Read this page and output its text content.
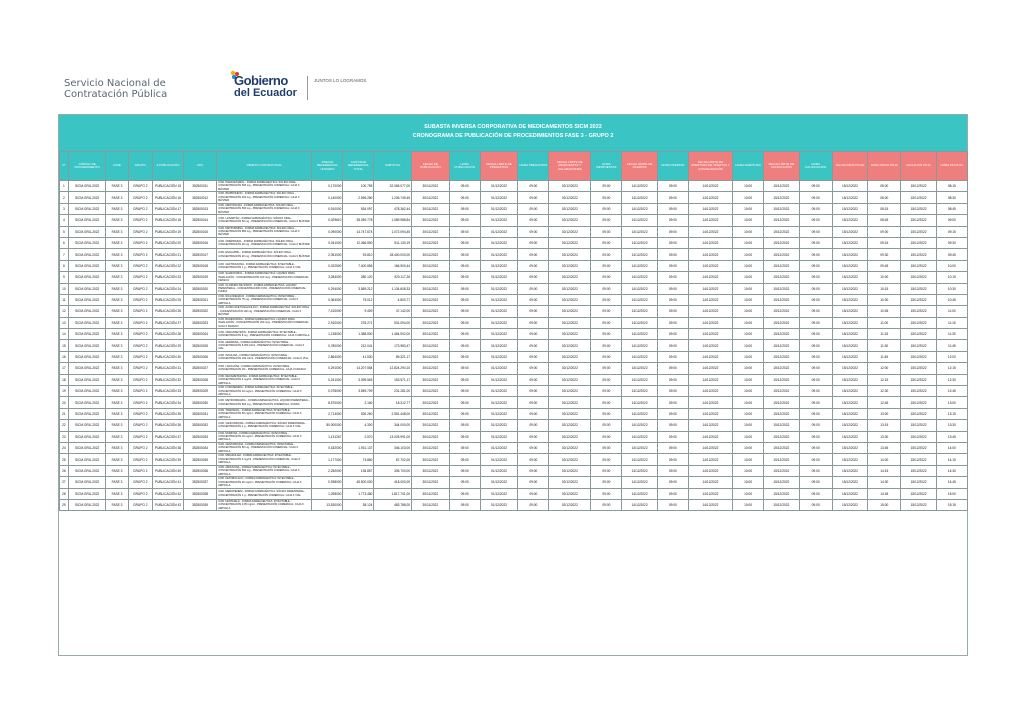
Servicio Nacional de
Contratación Pública
Gobierno
del Ecuador
JUNTOS LO LOGRAMOS
SUBASTA INVERSA CORPORATIVA DE MEDICAMENTOS SICM 2022
CRONOGRAMA DE PUBLICACIÓN DE PROCEDIMIENTOS FASE 3 - GRUPO 2
N°	CÓDIGO DE PROCEDIMIENTO	FASE	GRUPO	# PUBLICACIÓN	CPC	OBJETO CONTRACTUAL	PRECIO REFERENCIAL UNITARIO	CANTIDAD REFERENCIAL TOTAL	SUBTOTAL	FECHA DE PUBLICACIÓN	HORA PUBLICACIÓN	FECHA LÍMITE DE PREGUNTAS	HORA PREGUNTAS	FECHA LÍMITE DE RESPUESTAS Y ACLARACIONES	HORA RESPUESTAS	FECHA LÍMITE DE OFERTAS	HORA OFERTAS	FECHA LÍMITE DE APERTURA DE OFERTAS Y CONVALIDACIÓN	HORA APERTURA	FECHA LÍMITE DE CALIFICACIÓN	HORA CALIFICACIÓN	FECHA INICIO PUJA	HORA INICIO PUJA	FECHA FIN PUJA	HORA FIN PUJA
1	SICM-GRU-2022	FASE 3	GRUPO 2	PUBLICACIÓN 15	352500011	COD. PARACETAMOL - FORMA FARMACÉUTICA: SÓLIDO ORAL - CONCENTRACIÓN 500 mg - PRESENTACIÓN COMERCIAL: CAJA X BLÍSTER	0,170000	100.755	32.065.077,00	30/11/2022	09:00	01/12/2022	09:00	02/12/2022	09:00	14/12/2022	09:00	14/12/2022	10:00	15/12/2022	09:00	15/12/2022	08:00	15/12/2022	08:15
2	SICM-GRU-2022	FASE 3	GRUPO 2	PUBLICACIÓN 16	352500012	COD. IBUPROFENO - FORMA FARMACÉUTICA: SÓLIDO ORAL - CONCENTRACIÓN 400 mg - PRESENTACIÓN COMERCIAL: CAJA X BLÍSTER	0,140000	2.595.280	1.246.745,45	30/11/2022	09:00	01/12/2022	09:00	02/12/2022	09:00	14/12/2022	09:00	14/12/2022	10:00	15/12/2022	09:00	15/12/2022	08:00	15/12/2022	08:30
3	SICM-GRU-2022	FASE 3	GRUPO 2	PUBLICACIÓN 17	352500013	COD. AMOXICILINA - FORMA FARMACÉUTICA: SÓLIDO ORAL - CONCENTRACIÓN 500 mg - PRESENTACIÓN COMERCIAL: CAJA X BLÍSTER	0,910000	534.097	478.362,44	30/11/2022	09:00	01/12/2022	09:00	02/12/2022	09:00	14/12/2022	09:00	14/12/2022	10:00	15/12/2022	09:00	15/12/2022	08:15	15/12/2022	08:45
4	SICM-GRU-2022	FASE 3	GRUPO 2	PUBLICACIÓN 18	352500014	COD. LOSARTÁN - FORMA FARMACÉUTICA: SÓLIDO ORAL - CONCENTRACIÓN 50 mg - PRESENTACIÓN COMERCIAL: CAJA X BLÍSTER	0,029610	38.059.778	1.089.988,84	30/11/2022	09:00	01/12/2022	09:00	02/12/2022	09:00	14/12/2022	09:00	14/12/2022	10:00	15/12/2022	09:00	15/12/2022	08:45	15/12/2022	09:00
5	SICM-GRU-2022	FASE 3	GRUPO 2	PUBLICACIÓN 19	352500015	COD. METFORMINA - FORMA FARMACÉUTICA: SÓLIDO ORAL - CONCENTRACIÓN 850 mg - PRESENTACIÓN COMERCIAL: CAJA X BLÍSTER	0,090000	14.747.674	1.072.094,45	30/11/2022	09:00	01/12/2022	09:00	02/12/2022	09:00	14/12/2022	09:00	14/12/2022	10:00	15/12/2022	09:00	15/12/2022	09:00	15/12/2022	09:15
6	SICM-GRU-2022	FASE 3	GRUPO 2	PUBLICACIÓN 20	352500016	COD. OMEPRAZOL - FORMA FARMACÉUTICA: SÓLIDO ORAL - CONCENTRACIÓN 20 mg - PRESENTACIÓN COMERCIAL: CAJA X BLÍSTER	0,041000	12.466.590	511.130,19	30/11/2022	09:00	01/12/2022	09:00	02/12/2022	09:00	14/12/2022	09:00	14/12/2022	10:00	15/12/2022	09:00	15/12/2022	09:15	15/12/2022	09:30
7	SICM-GRU-2022	FASE 3	GRUPO 2	PUBLICACIÓN 21	352500017	COD. ENALAPRIL - FORMA FARMACÉUTICA: SÓLIDO ORAL - CONCENTRACIÓN 20 mg - PRESENTACIÓN COMERCIAL: CAJA X BLÍSTER	2,051000	93.810	28.400.000,00	30/11/2022	09:00	01/12/2022	09:00	02/12/2022	09:00	14/12/2022	09:00	14/12/2022	10:00	15/12/2022	09:00	15/12/2022	09:30	15/12/2022	09:45
8	SICM-GRU-2022	FASE 3	GRUPO 2	PUBLICACIÓN 22	352500018	COD. CEFTRIAXONA - FORMA FARMACÉUTICA: INYECTABLE - CONCENTRACIÓN 1 g - PRESENTACIÓN COMERCIAL: CAJA X VIAL	0,022500	7.400.556	166.500,44	30/11/2022	09:00	01/12/2022	09:00	02/12/2022	09:00	14/12/2022	09:00	14/12/2022	10:00	15/12/2022	09:00	15/12/2022	09:45	15/12/2022	10:00
9	SICM-GRU-2022	FASE 3	GRUPO 2	PUBLICACIÓN 23	352500019	COD. SALBUTAMOL - FORMA FARMACÉUTICA: LÍQUIDO PARA INHALACIÓN - CONCENTRACIÓN 100 mcg - PRESENTACIÓN COMERCIAL: FRASCO	3,284000	280.120	920.117,26	30/11/2022	09:00	01/12/2022	09:00	02/12/2022	09:00	14/12/2022	09:00	14/12/2022	10:00	15/12/2022	09:00	15/12/2022	10:00	15/12/2022	10:15
10	SICM-GRU-2022	FASE 3	GRUPO 2	PUBLICACIÓN 24	352500020	COD. CLORURO DE SODIO - FORMA FARMACÉUTICA: LÍQUIDO PARENTERAL - CONCENTRACIÓN 0,9% - PRESENTACIÓN COMERCIAL: FUNDA	0,294000	3.859.212	1.134.608,33	30/11/2022	09:00	01/12/2022	09:00	02/12/2022	09:00	14/12/2022	09:00	14/12/2022	10:00	15/12/2022	09:00	15/12/2022	10:15	15/12/2022	10:30
11	SICM-GRU-2022	FASE 3	GRUPO 2	PUBLICACIÓN 25	352500021	COD. DICLOFENACO - FORMA FARMACÉUTICA: INYECTABLE - CONCENTRACIÓN 75 mg - PRESENTACIÓN COMERCIAL: CAJA X AMPOLLA	0,064000	75.012	4.800,77	30/11/2022	09:00	01/12/2022	09:00	02/12/2022	09:00	14/12/2022	09:00	14/12/2022	10:00	15/12/2022	09:00	15/12/2022	10:30	15/12/2022	10:45
12	SICM-GRU-2022	FASE 3	GRUPO 2	PUBLICACIÓN 26	352500022	COD. ÁCIDO ACETILSALICÍLICO - FORMA FARMACÉUTICA: SÓLIDO ORAL - CONCENTRACIÓN 100 mg - PRESENTACIÓN COMERCIAL: CAJA X BLÍSTER	7,410000	9.409	47.142,00	30/11/2022	09:00	01/12/2022	09:00	02/12/2022	09:00	14/12/2022	09:00	14/12/2022	10:00	15/12/2022	09:00	15/12/2022	10:45	15/12/2022	11:00
13	SICM-GRU-2022	FASE 3	GRUPO 2	PUBLICACIÓN 27	352500023	COD. BUDESONIDA - FORMA FARMACÉUTICA: LÍQUIDO PARA INHALACIÓN - CONCENTRACIÓN 200 mcg - PRESENTACIÓN COMERCIAL: CAJA X FRASCO	2,910000	278.271	531.094,00	30/11/2022	09:00	01/12/2022	09:00	02/12/2022	09:00	14/12/2022	09:00	14/12/2022	10:00	15/12/2022	09:00	15/12/2022	11:00	15/12/2022	11:15
14	SICM-GRU-2022	FASE 3	GRUPO 2	PUBLICACIÓN 28	352500024	COD. ONDANSETRÓN - FORMA FARMACÉUTICA: INYECTABLE - CONCENTRACIÓN 8 mg - PRESENTACIÓN COMERCIAL: CAJA X AMPOLLA	1,138000	1.388.500	1.464.902,00	30/11/2022	09:00	01/12/2022	09:00	02/12/2022	09:00	14/12/2022	09:00	14/12/2022	10:00	15/12/2022	09:00	15/12/2022	11:15	15/12/2022	11:30
15	SICM-GRU-2022	FASE 3	GRUPO 2	PUBLICACIÓN 29	352500025	COD. HEPARINA - FORMA FARMACÉUTICA: INYECTABLE - CONCENTRACIÓN 5.000 UI/ml - PRESENTACIÓN COMERCIAL: CAJA X VIAL	0,780000	212.041	173.983,47	30/11/2022	09:00	01/12/2022	09:00	02/12/2022	09:00	14/12/2022	09:00	14/12/2022	10:00	15/12/2022	09:00	15/12/2022	11:30	15/12/2022	11:45
16	SICM-GRU-2022	FASE 3	GRUPO 2	PUBLICACIÓN 30	352500026	COD. INSULINA - FORMA FARMACÉUTICA: INYECTABLE - CONCENTRACIÓN 100 UI/ml - PRESENTACIÓN COMERCIAL: CAJA X VIAL	2,864000	41.530	89.321,17	30/11/2022	09:00	01/12/2022	09:00	02/12/2022	09:00	14/12/2022	09:00	14/12/2022	10:00	15/12/2022	09:00	15/12/2022	11:45	15/12/2022	12:00
17	SICM-GRU-2022	FASE 3	GRUPO 2	PUBLICACIÓN 31	352500027	COD. LIDOCAÍNA - FORMA FARMACÉUTICA: INYECTABLE - CONCENTRACIÓN 2% - PRESENTACIÓN COMERCIAL: CAJA X FRASCO	0,291000	14.207.554	12.824.294,10	30/11/2022	09:00	01/12/2022	09:00	02/12/2022	09:00	14/12/2022	09:00	14/12/2022	10:00	15/12/2022	09:00	15/12/2022	12:00	15/12/2022	12:15
18	SICM-GRU-2022	FASE 3	GRUPO 2	PUBLICACIÓN 32	352500028	COD. DEXAMETASONA - FORMA FARMACÉUTICA: INYECTABLE - CONCENTRACIÓN 4 mg/ml - PRESENTACIÓN COMERCIAL: CAJA X AMPOLLA	0,241000	3.095.563	153.571,17	30/11/2022	09:00	01/12/2022	09:00	02/12/2022	09:00	14/12/2022	09:00	14/12/2022	10:00	15/12/2022	09:00	15/12/2022	12:15	15/12/2022	12:30
19	SICM-GRU-2022	FASE 3	GRUPO 2	PUBLICACIÓN 33	352500029	COD. FUROSEMIDA - FORMA FARMACÉUTICA: INYECTABLE - CONCENTRACIÓN 10 mg/ml - PRESENTACIÓN COMERCIAL: CAJA X AMPOLLA	0,078000	3.559.709	231.281,00	30/11/2022	09:00	01/12/2022	09:00	02/12/2022	09:00	14/12/2022	09:00	14/12/2022	10:00	15/12/2022	09:00	15/12/2022	12:30	15/12/2022	12:45
20	SICM-GRU-2022	FASE 3	GRUPO 2	PUBLICACIÓN 34	352500030	COD. METRONIDAZOL - FORMA FARMACÉUTICA: LÍQUIDO PARENTERAL - CONCENTRACIÓN 500 mg - PRESENTACIÓN COMERCIAL: FUNDA	8,570000	2.160	18.312,77	30/11/2022	09:00	01/12/2022	09:00	02/12/2022	09:00	14/12/2022	09:00	14/12/2022	10:00	15/12/2022	09:00	15/12/2022	12:45	15/12/2022	13:00
21	SICM-GRU-2022	FASE 3	GRUPO 2	PUBLICACIÓN 35	352500031	COD. TRAMADOL - FORMA FARMACÉUTICA: INYECTABLE - CONCENTRACIÓN 50 mg/ml - PRESENTACIÓN COMERCIAL: CAJA X AMPOLLA	2,714000	926.260	2.551.448,00	30/11/2022	09:00	01/12/2022	09:00	02/12/2022	09:00	14/12/2022	09:00	14/12/2022	10:00	15/12/2022	09:00	15/12/2022	13:00	15/12/2022	13:15
22	SICM-GRU-2022	FASE 3	GRUPO 2	PUBLICACIÓN 36	352500032	COD. VANCOMICINA - FORMA FARMACÉUTICA: SÓLIDO PARENTERAL - CONCENTRACIÓN 1 g - PRESENTACIÓN COMERCIAL: CAJA X VIAL	80,000000	4.300	344.000,00	30/11/2022	09:00	01/12/2022	09:00	02/12/2022	09:00	14/12/2022	09:00	14/12/2022	10:00	15/12/2022	09:00	15/12/2022	13:15	15/12/2022	13:30
23	SICM-GRU-2022	FASE 3	GRUPO 2	PUBLICACIÓN 37	352500033	COD. MORFINA - FORMA FARMACÉUTICA: INYECTABLE - CONCENTRACIÓN 10 mg/ml - PRESENTACIÓN COMERCIAL: CAJA X AMPOLLA	1,131267	2.570	13.025.991,00	30/11/2022	09:00	01/12/2022	09:00	02/12/2022	09:00	14/12/2022	09:00	14/12/2022	10:00	15/12/2022	09:00	15/12/2022	13:30	15/12/2022	13:45
24	SICM-GRU-2022	FASE 3	GRUPO 2	PUBLICACIÓN 38	352500034	COD. GENTAMICINA - FORMA FARMACÉUTICA: INYECTABLE - CONCENTRACIÓN 80 mg - PRESENTACIÓN COMERCIAL: CAJA X AMPOLLA	0,182000	1.931.137	346.103,00	30/11/2022	09:00	01/12/2022	09:00	02/12/2022	09:00	14/12/2022	09:00	14/12/2022	10:00	15/12/2022	09:00	15/12/2022	13:45	15/12/2022	14:00
25	SICM-GRU-2022	FASE 3	GRUPO 2	PUBLICACIÓN 39	352500035	COD. MIDAZOLAM - FORMA FARMACÉUTICA: INYECTABLE - CONCENTRACIÓN 5 mg/ml - PRESENTACIÓN COMERCIAL: CAJA X AMPOLLA	1,177000	74.860	87.702,00	30/11/2022	09:00	01/12/2022	09:00	02/12/2022	09:00	14/12/2022	09:00	14/12/2022	10:00	15/12/2022	09:00	15/12/2022	14:00	15/12/2022	14:15
26	SICM-GRU-2022	FASE 3	GRUPO 2	PUBLICACIÓN 40	352500036	COD. AMIKACINA - FORMA FARMACÉUTICA: INYECTABLE - CONCENTRACIÓN 500 mg - PRESENTACIÓN COMERCIAL: CAJA X AMPOLLA	2,250000	135.857	305.700,00	30/11/2022	09:00	01/12/2022	09:00	02/12/2022	09:00	14/12/2022	09:00	14/12/2022	10:00	15/12/2022	09:00	15/12/2022	14:15	15/12/2022	14:30
27	SICM-GRU-2022	FASE 3	GRUPO 2	PUBLICACIÓN 41	352500037	COD. KETOROLACO - FORMA FARMACÉUTICA: INYECTABLE - CONCENTRACIÓN 30 mg/ml - PRESENTACIÓN COMERCIAL: CAJA X AMPOLLA	0,938000	45.500.000	418.000,00	30/11/2022	09:00	01/12/2022	09:00	02/12/2022	09:00	14/12/2022	09:00	14/12/2022	10:00	15/12/2022	09:00	15/12/2022	14:30	15/12/2022	14:45
28	SICM-GRU-2022	FASE 3	GRUPO 2	PUBLICACIÓN 42	352500038	COD. MEROPENEM - FORMA FARMACÉUTICA: SÓLIDO PARENTERAL - CONCENTRACIÓN 1 g - PRESENTACIÓN COMERCIAL: CAJA X VIAL	1,298000	1.773.480	1.817.701,00	30/11/2022	09:00	01/12/2022	09:00	02/12/2022	09:00	14/12/2022	09:00	14/12/2022	10:00	15/12/2022	09:00	15/12/2022	14:45	15/12/2022	15:00
29	SICM-GRU-2022	FASE 3	GRUPO 2	PUBLICACIÓN 43	352500039	COD. FENTANILO - FORMA FARMACÉUTICA: INYECTABLE - CONCENTRACIÓN 0,05 mg/ml - PRESENTACIÓN COMERCIAL: CAJA X AMPOLLA	13,530000	38.124	483.788,00	30/11/2022	09:00	01/12/2022	09:00	02/12/2022	09:00	14/12/2022	09:00	14/12/2022	10:00	15/12/2022	09:00	15/12/2022	15:00	15/12/2022	15:15
